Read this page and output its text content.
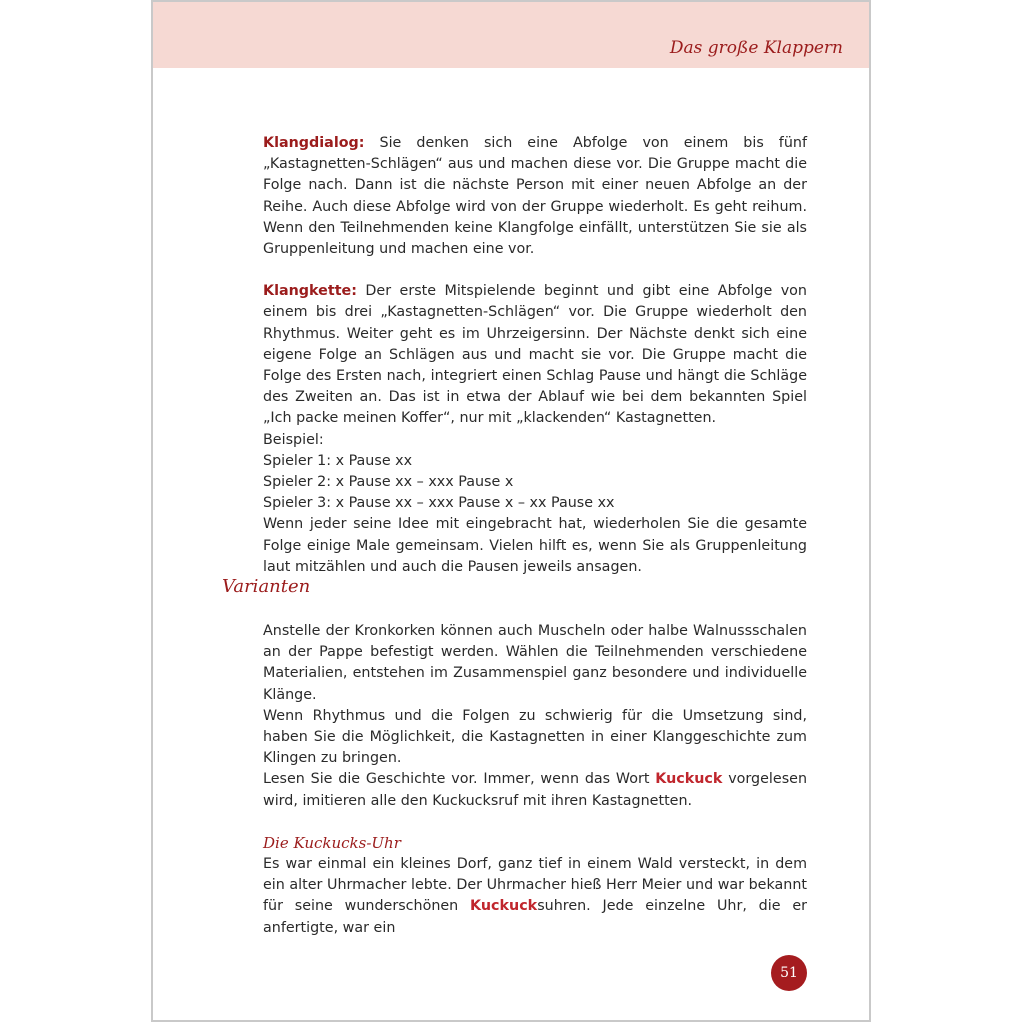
Das große Klappern

Klangdialog: Sie denken sich eine Abfolge von einem bis fünf „Kastagnetten-Schlägen“ aus und machen diese vor. Die Gruppe macht die Folge nach. Dann ist die nächste Person mit einer neuen Abfolge an der Reihe. Auch diese Abfolge wird von der Gruppe wiederholt. Es geht reihum. Wenn den Teilnehmenden keine Klangfolge einfällt, unterstützen Sie sie als Gruppenleitung und machen eine vor.

Klangkette: Der erste Mitspielende beginnt und gibt eine Abfolge von einem bis drei „Kastagnetten-Schlägen“ vor. Die Gruppe wiederholt den Rhythmus. Weiter geht es im Uhrzeigersinn. Der Nächste denkt sich eine eigene Folge an Schlägen aus und macht sie vor. Die Gruppe macht die Folge des Ersten nach, integriert einen Schlag Pause und hängt die Schläge des Zweiten an. Das ist in etwa der Ablauf wie bei dem bekannten Spiel „Ich packe meinen Koffer“, nur mit „klackenden“ Kastagnetten.

Beispiel:

Spieler 1: x Pause xx

Spieler 2: x Pause xx – xxx Pause x

Spieler 3: x Pause xx – xxx Pause x – xx Pause xx

Wenn jeder seine Idee mit eingebracht hat, wiederholen Sie die gesamte Folge einige Male gemeinsam. Vielen hilft es, wenn Sie als Gruppenleitung laut mitzählen und auch die Pausen jeweils ansagen.

Varianten

Anstelle der Kronkorken können auch Muscheln oder halbe Walnussschalen an der Pappe befestigt werden. Wählen die Teilnehmenden verschiedene Materialien, entstehen im Zusammenspiel ganz besondere und individuelle Klänge.

Wenn Rhythmus und die Folgen zu schwierig für die Umsetzung sind, haben Sie die Möglichkeit, die Kastagnetten in einer Klanggeschichte zum Klingen zu bringen.

Lesen Sie die Geschichte vor. Immer, wenn das Wort Kuckuck vorgelesen wird, imitieren alle den Kuckucksruf mit ihren Kastagnetten.

Die Kuckucks-Uhr

Es war einmal ein kleines Dorf, ganz tief in einem Wald versteckt, in dem ein alter Uhrmacher lebte. Der Uhrmacher hieß Herr Meier und war bekannt für seine wunderschönen Kuckucksuhren. Jede einzelne Uhr, die er anfertigte, war ein

51
